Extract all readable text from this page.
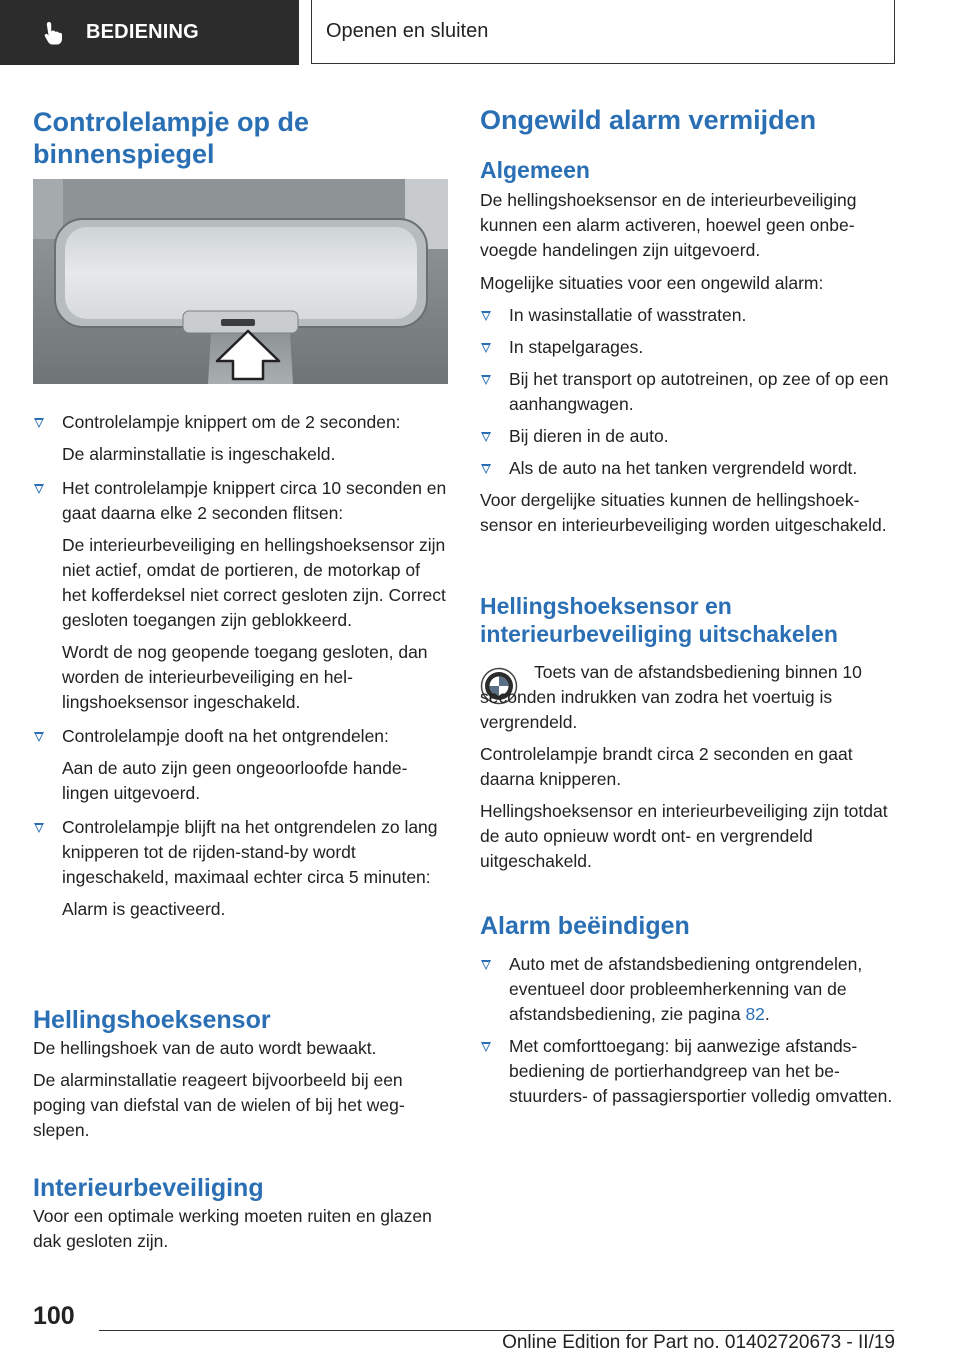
BEDIENING	Openen en sluiten
Controlelampje op de binnenspiegel
Controlelampje knippert om de 2 seconden:
De alarminstallatie is ingeschakeld.
Het controlelampje knippert circa 10 seconden en gaat daarna elke 2 seconden flitsen:
De interieurbeveiliging en hellingshoeksensor zijn niet actief, omdat de portieren, de motorkap of het kofferdeksel niet correct gesloten zijn. Correct gesloten toegangen zijn geblokkeerd.
Wordt de nog geopende toegang gesloten, dan worden de interieurbeveiliging en hellingshoeksensor ingeschakeld.
Controlelampje dooft na het ontgrendelen:
Aan de auto zijn geen ongeoorloofde handelingen uitgevoerd.
Controlelampje blijft na het ontgrendelen zo lang knipperen tot de rijden-stand-by wordt ingeschakeld, maximaal echter circa 5 minuten:
Alarm is geactiveerd.
Hellingshoeksensor

De hellingshoek van de auto wordt bewaakt.

De alarminstallatie reageert bijvoorbeeld bij een poging van diefstal van de wielen of bij het wegslepen.

Interieurbeveiliging

Voor een optimale werking moeten ruiten en glazen dak gesloten zijn.

Ongewild alarm vermijden
Algemeen

De hellingshoeksensor en de interieurbeveiliging kunnen een alarm activeren, hoewel geen onbevoegde handelingen zijn uitgevoerd.

Mogelijke situaties voor een ongewild alarm:

In wasinstallatie of wasstraten.
In stapelgarages.
Bij het transport op autotreinen, op zee of op een aanhangwagen.
Bij dieren in de auto.
Als de auto na het tanken vergrendeld wordt.

Voor dergelijke situaties kunnen de hellingshoeksensor en interieurbeveiliging worden uitgeschakeld.

Hellingshoeksensor en interieurbeveiliging uitschakelen

Toets van de afstandsbediening binnen 10 seconden indrukken van zodra het voertuig is vergrendeld.

Controlelampje brandt circa 2 seconden en gaat daarna knipperen.

Hellingshoeksensor en interieurbeveiliging zijn totdat de auto opnieuw wordt ont- en vergrendeld uitgeschakeld.

Alarm beëindigen
Auto met de afstandsbediening ontgrendelen, eventueel door probleemherkenning van de afstandsbediening, zie pagina 82.
Met comforttoegang: bij aanwezige afstandsbediening de portierhandgreep van het bestuurders- of passagiersportier volledig omvatten.
100
Online Edition for Part no. 01402720673 - II/19
